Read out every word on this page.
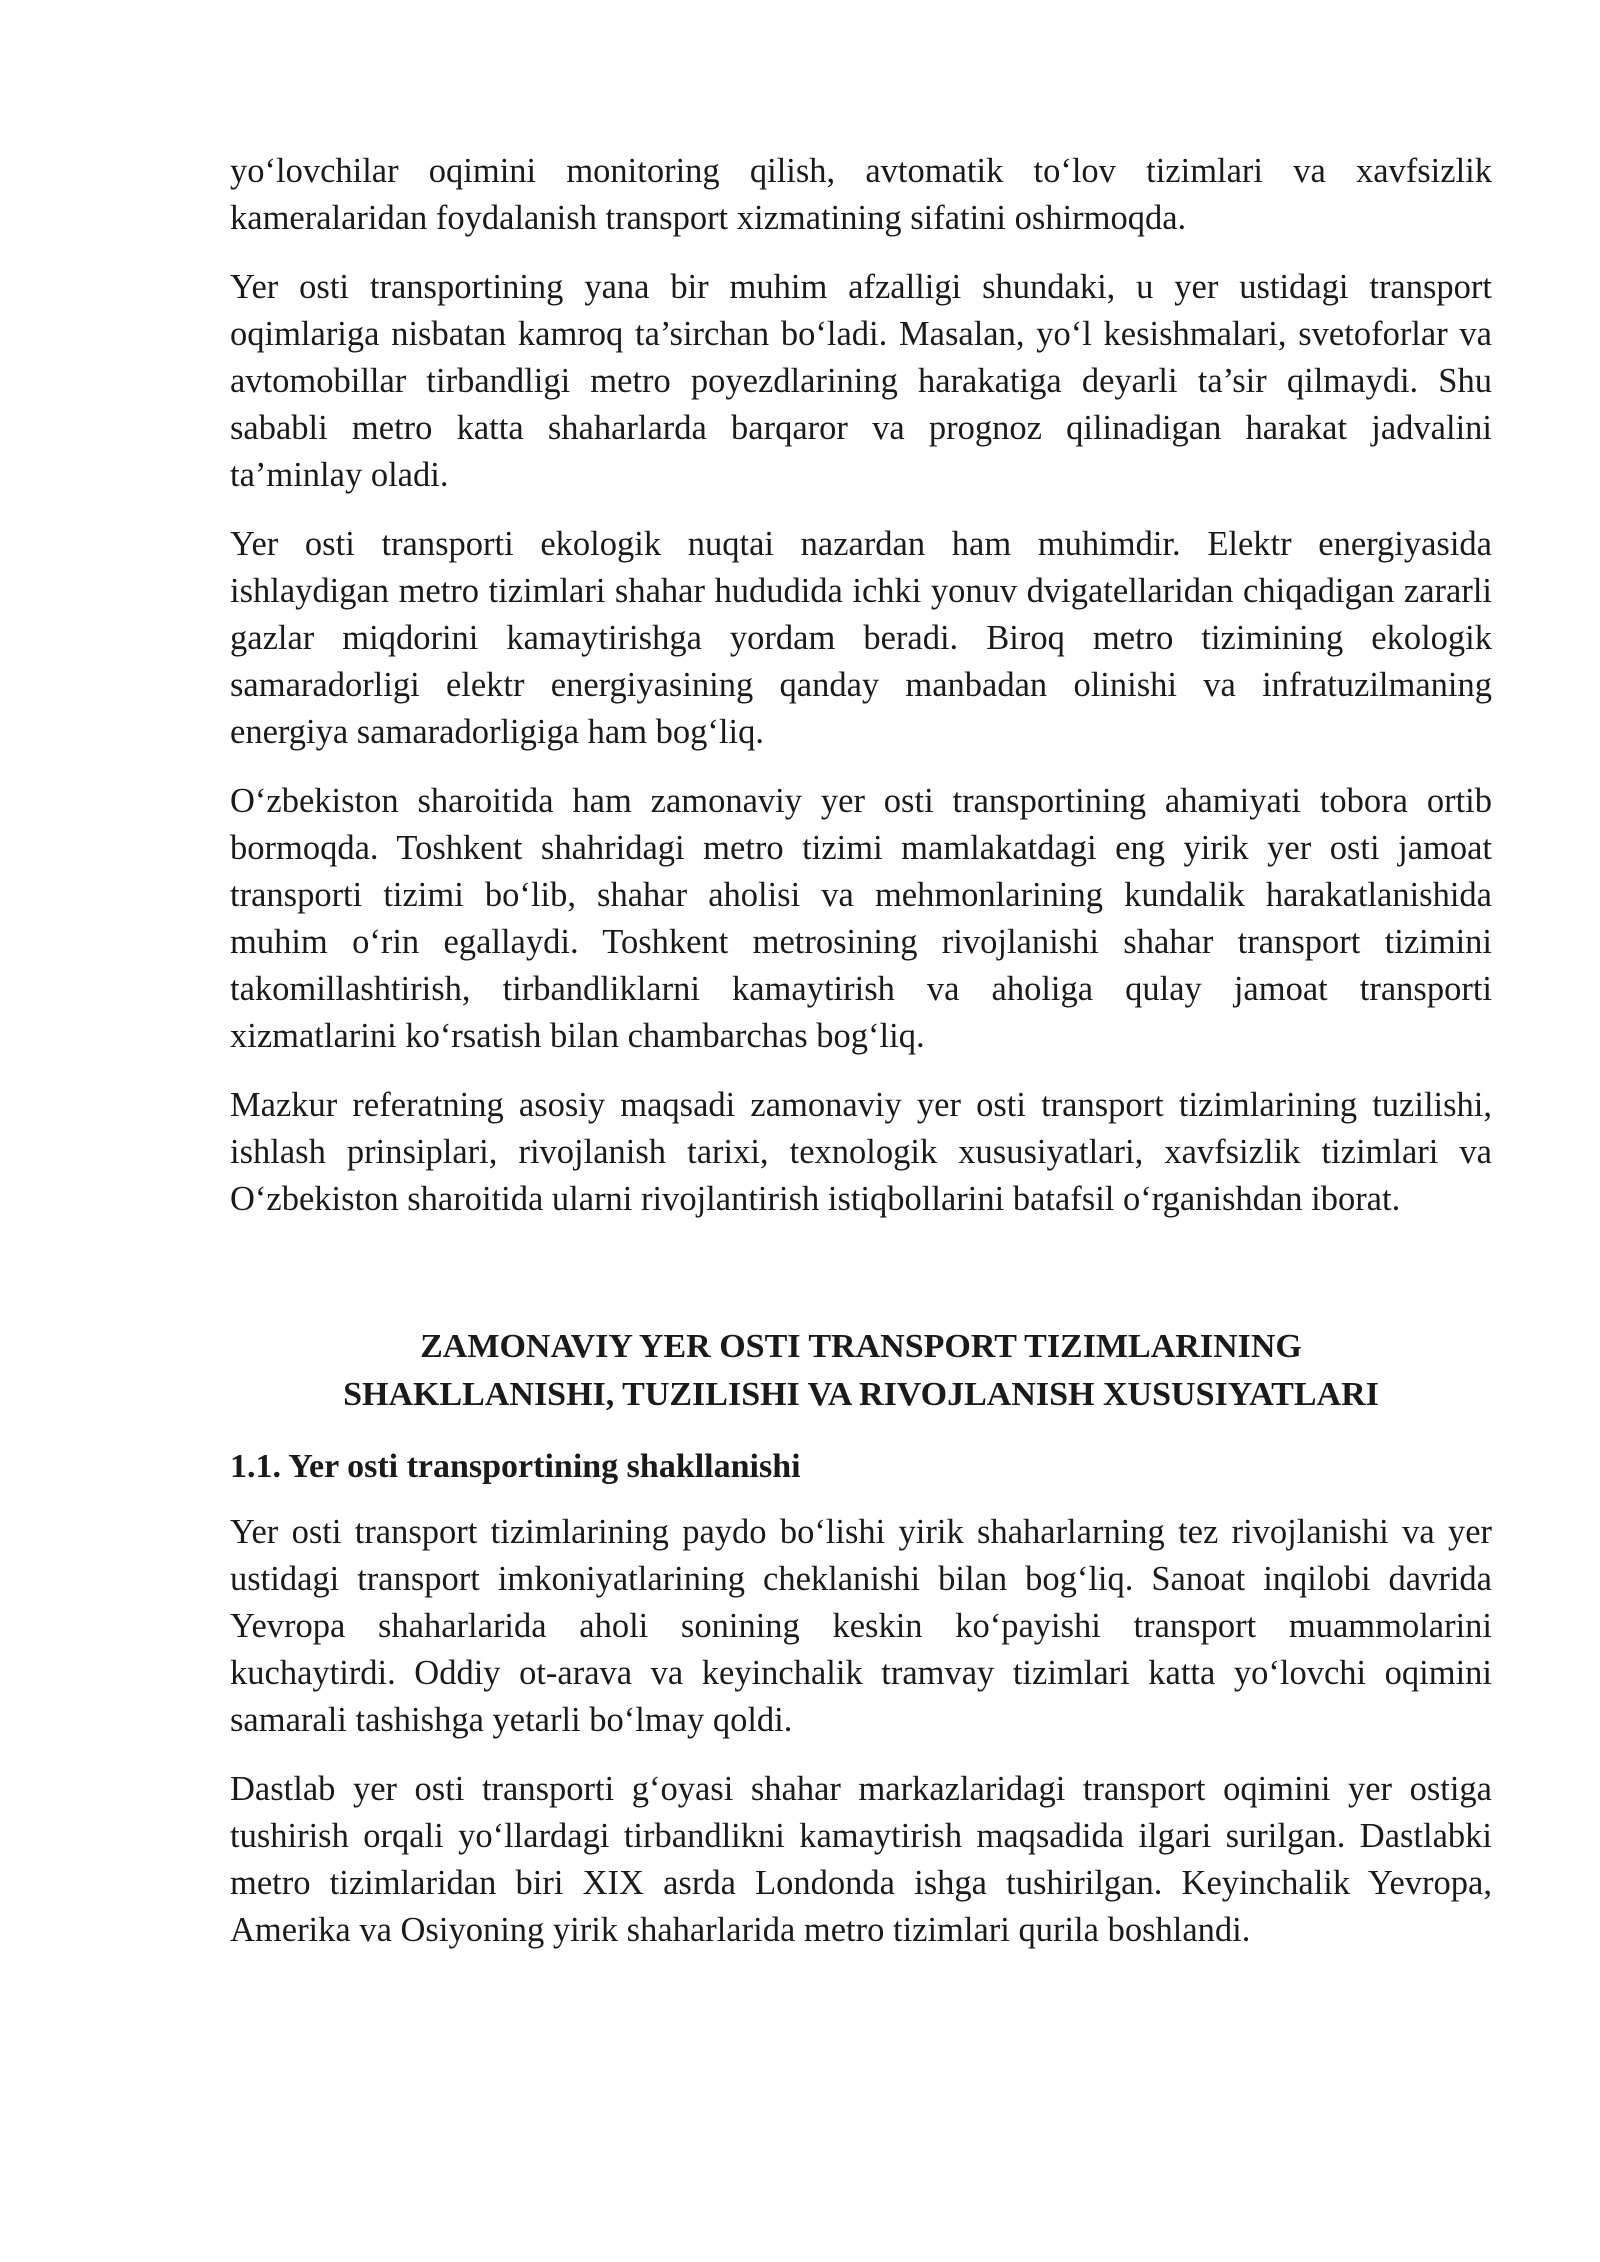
yo‘lovchilar oqimini monitoring qilish, avtomatik to‘lov tizimlari va xavfsizlik kameralaridan foydalanish transport xizmatining sifatini oshirmoqda.

Yer osti transportining yana bir muhim afzalligi shundaki, u yer ustidagi transport oqimlariga nisbatan kamroq ta’sirchan bo‘ladi. Masalan, yo‘l kesishmalari, svetoforlar va avtomobillar tirbandligi metro poyezdlarining harakatiga deyarli ta’sir qilmaydi. Shu sababli metro katta shaharlarda barqaror va prognoz qilinadigan harakat jadvalini ta’minlay oladi.

Yer osti transporti ekologik nuqtai nazardan ham muhimdir. Elektr energiyasida ishlaydigan metro tizimlari shahar hududida ichki yonuv dvigatellaridan chiqadigan zararli gazlar miqdorini kamaytirishga yordam beradi. Biroq metro tizimining ekologik samaradorligi elektr energiyasining qanday manbadan olinishi va infratuzilmaning energiya samaradorligiga ham bog‘liq.

O‘zbekiston sharoitida ham zamonaviy yer osti transportining ahamiyati tobora ortib bormoqda. Toshkent shahridagi metro tizimi mamlakatdagi eng yirik yer osti jamoat transporti tizimi bo‘lib, shahar aholisi va mehmonlarining kundalik harakatlanishida muhim o‘rin egallaydi. Toshkent metrosining rivojlanishi shahar transport tizimini takomillashtirish, tirbandliklarni kamaytirish va aholiga qulay jamoat transporti xizmatlarini ko‘rsatish bilan chambarchas bog‘liq.

Mazkur referatning asosiy maqsadi zamonaviy yer osti transport tizimlarining tuzilishi, ishlash prinsiplari, rivojlanish tarixi, texnologik xususiyatlari, xavfsizlik tizimlari va O‘zbekiston sharoitida ularni rivojlantirish istiqbollarini batafsil o‘rganishdan iborat.

ZAMONAVIY YER OSTI TRANSPORT TIZIMLARINING
SHAKLLANISHI, TUZILISHI VA RIVOJLANISH XUSUSIYATLARI
1.1. Yer osti transportining shakllanishi

Yer osti transport tizimlarining paydo bo‘lishi yirik shaharlarning tez rivojlanishi va yer ustidagi transport imkoniyatlarining cheklanishi bilan bog‘liq. Sanoat inqilobi davrida Yevropa shaharlarida aholi sonining keskin ko‘payishi transport muammolarini kuchaytirdi. Oddiy ot-arava va keyinchalik tramvay tizimlari katta yo‘lovchi oqimini samarali tashishga yetarli bo‘lmay qoldi.

Dastlab yer osti transporti g‘oyasi shahar markazlaridagi transport oqimini yer ostiga tushirish orqali yo‘llardagi tirbandlikni kamaytirish maqsadida ilgari surilgan. Dastlabki metro tizimlaridan biri XIX asrda Londonda ishga tushirilgan. Keyinchalik Yevropa, Amerika va Osiyoning yirik shaharlarida metro tizimlari qurila boshlandi.
